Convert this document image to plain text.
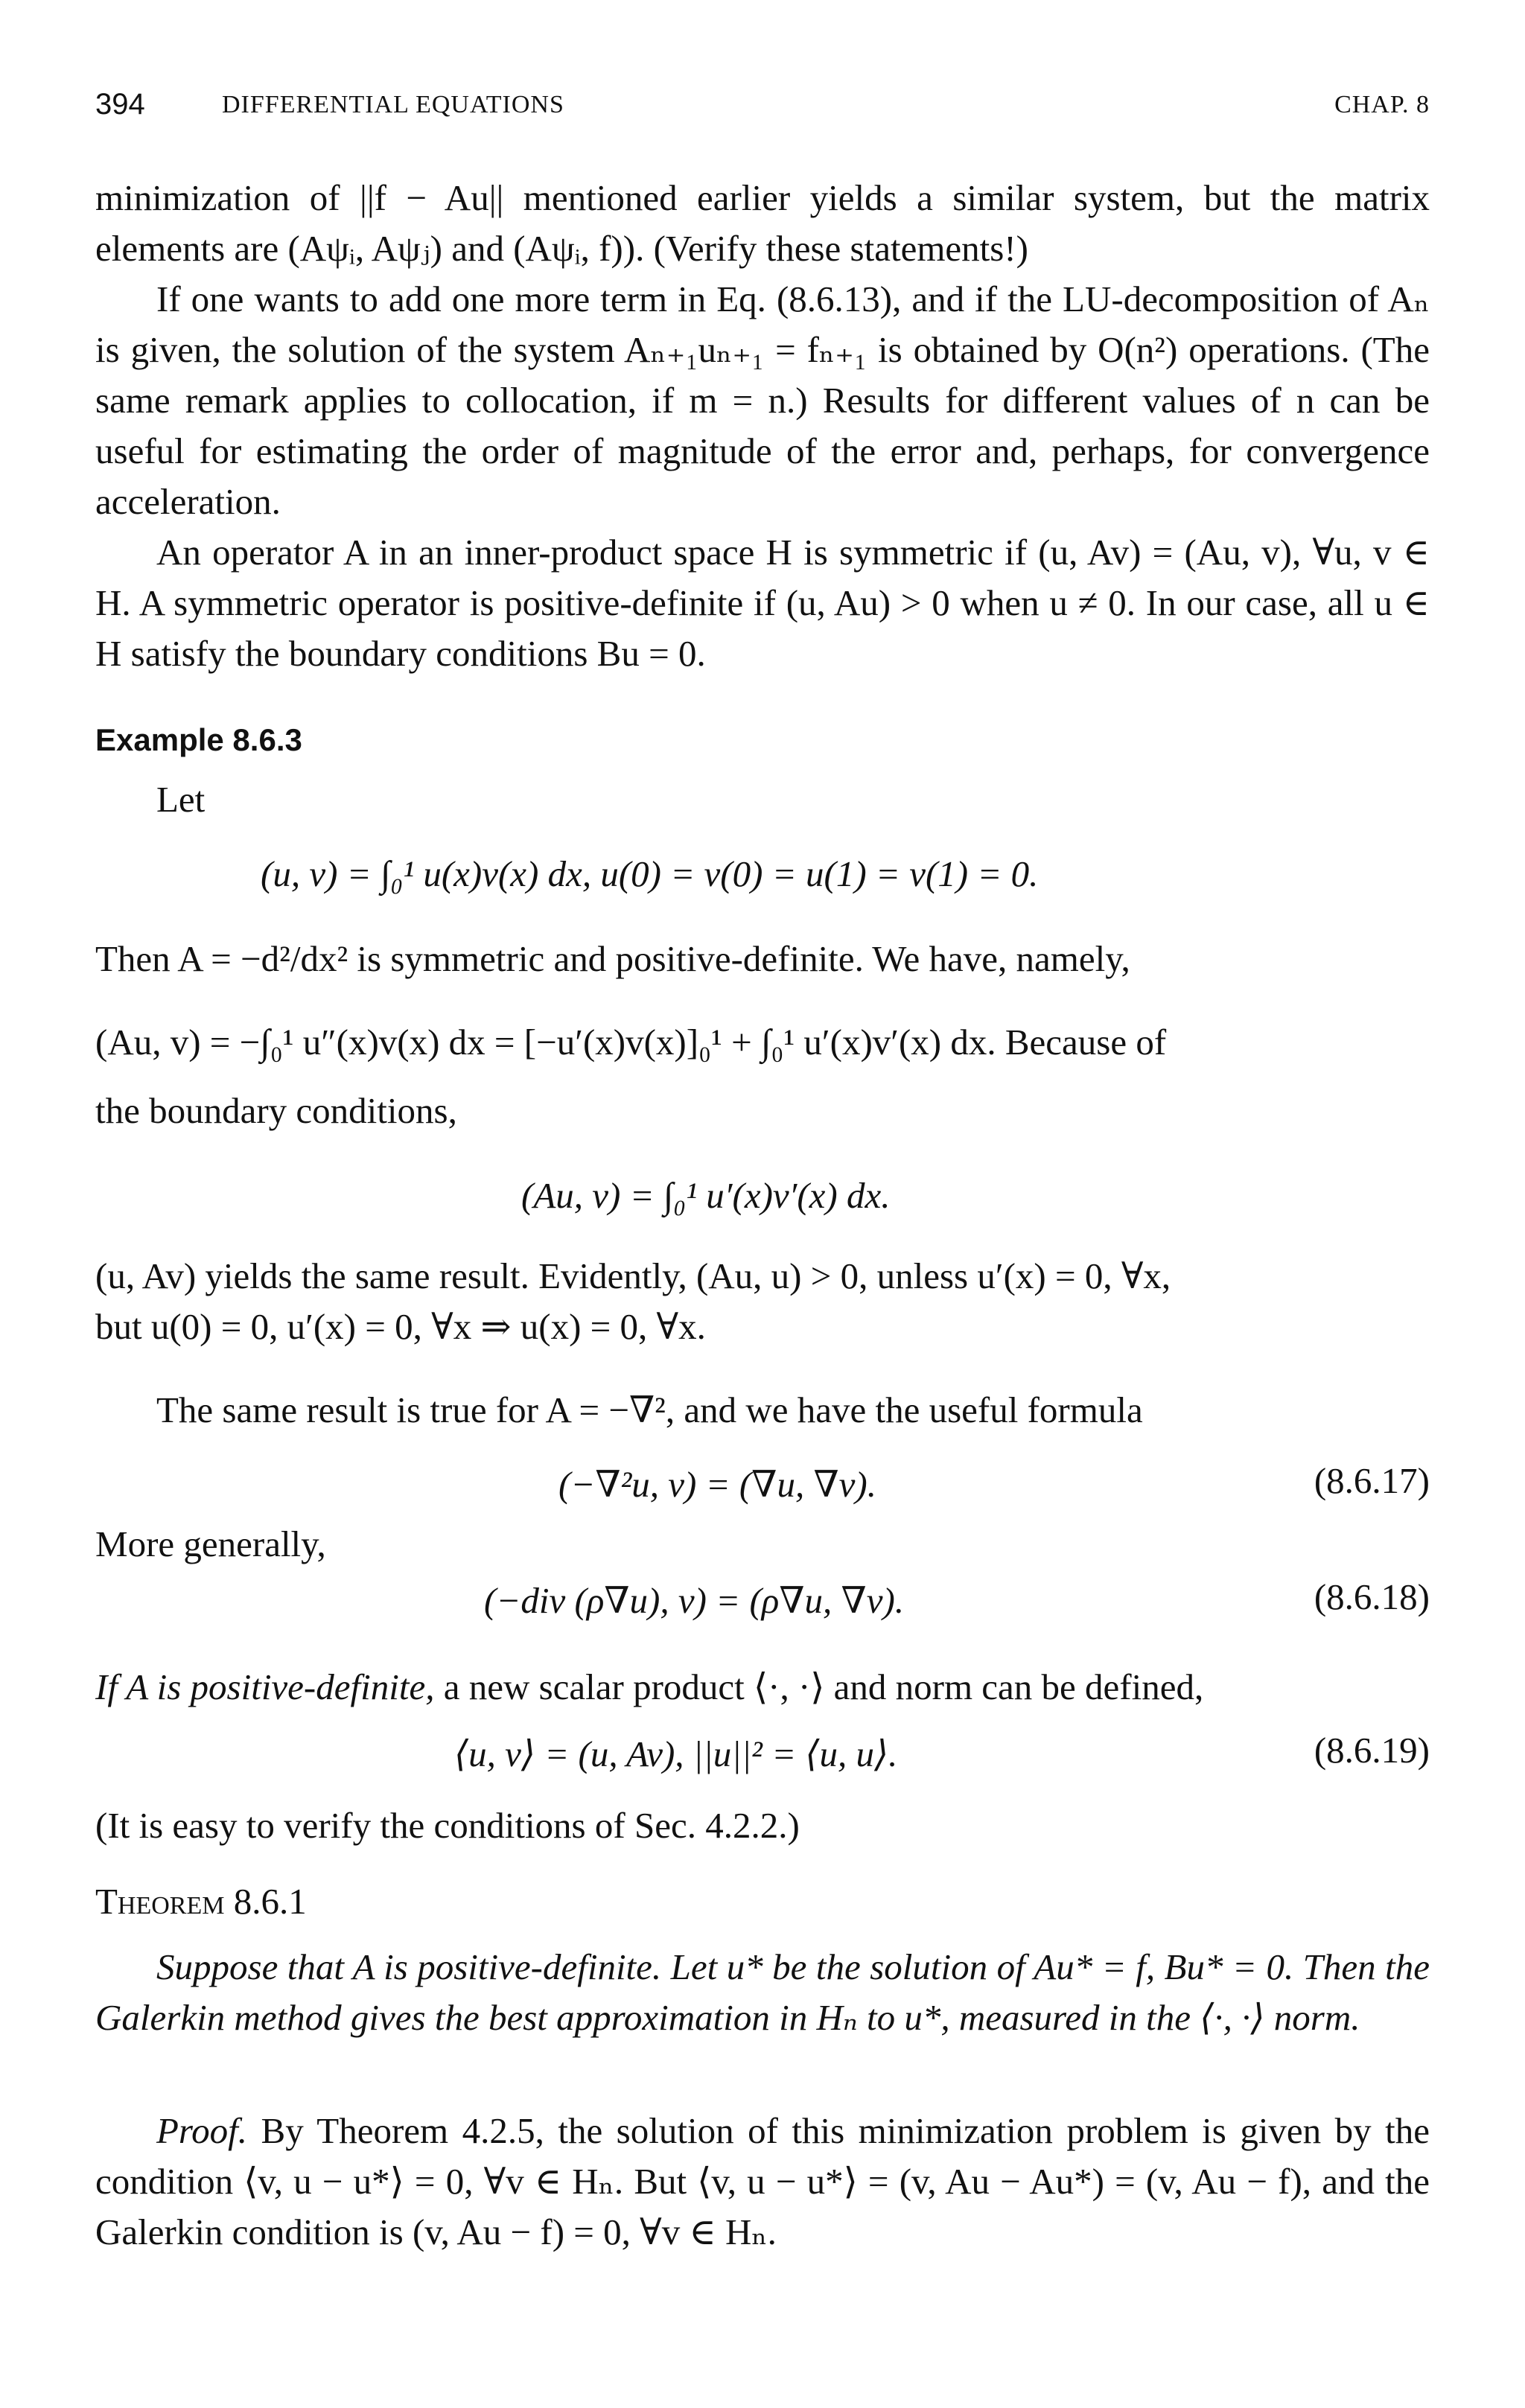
394	DIFFERENTIAL EQUATIONS	CHAP. 8

minimization of ||f − Au|| mentioned earlier yields a similar system, but the matrix elements are (Aψᵢ, Aψⱼ) and (Aψᵢ, f)). (Verify these statements!)

If one wants to add one more term in Eq. (8.6.13), and if the LU-decomposition of Aₙ is given, the solution of the system Aₙ₊₁uₙ₊₁ = fₙ₊₁ is obtained by O(n²) operations. (The same remark applies to collocation, if m = n.) Results for different values of n can be useful for estimating the order of magnitude of the error and, perhaps, for convergence acceleration.

An operator A in an inner-product space H is symmetric if (u, Av) = (Au, v), ∀u, v ∈ H. A symmetric operator is positive-definite if (u, Au) > 0 when u ≠ 0. In our case, all u ∈ H satisfy the boundary conditions Bu = 0.

Example 8.6.3
Let
(u, v) = ∫₀¹ u(x)v(x) dx, u(0) = v(0) = u(1) = v(1) = 0.
Then A = −d²/dx² is symmetric and positive-definite. We have, namely,
(Au, v) = −∫₀¹ u″(x)v(x) dx = [−u′(x)v(x)]₀¹ + ∫₀¹ u′(x)v′(x) dx. Because of
the boundary conditions,
(Au, v) = ∫₀¹ u′(x)v′(x) dx.
(u, Av) yields the same result. Evidently, (Au, u) > 0, unless u′(x) = 0, ∀x,
but u(0) = 0, u′(x) = 0, ∀x ⇒ u(x) = 0, ∀x.
The same result is true for A = −∇², and we have the useful formula
(−∇²u, v) = (∇u, ∇v).	(8.6.17)
More generally,
(−div (ρ∇u), v) = (ρ∇u, ∇v).	(8.6.18)
If A is positive-definite, a new scalar product ⟨·, ·⟩ and norm can be defined,
⟨u, v⟩ = (u, Av), ||u||² = ⟨u, u⟩.	(8.6.19)
(It is easy to verify the conditions of Sec. 4.2.2.)
Theorem 8.6.1

Suppose that A is positive-definite. Let u* be the solution of Au* = f, Bu* = 0. Then the Galerkin method gives the best approximation in Hₙ to u*, measured in the ⟨·, ·⟩ norm.

Proof. By Theorem 4.2.5, the solution of this minimization problem is given by the condition ⟨v, u − u*⟩ = 0, ∀v ∈ Hₙ. But ⟨v, u − u*⟩ = (v, Au − Au*) = (v, Au − f), and the Galerkin condition is (v, Au − f) = 0, ∀v ∈ Hₙ.
